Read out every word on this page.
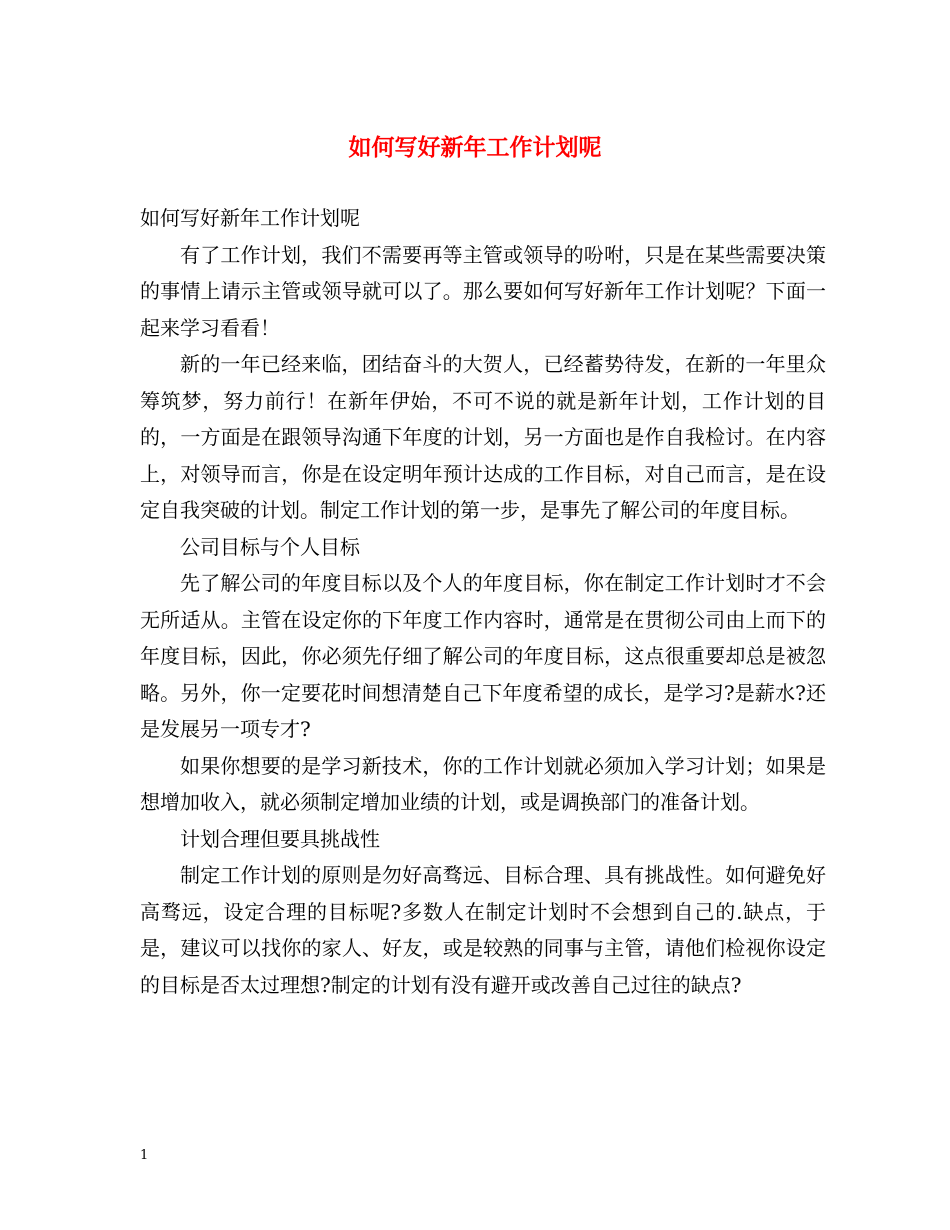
如何写好新年工作计划呢

如何写好新年工作计划呢

有了工作计划，我们不需要再等主管或领导的吩咐，只是在某些需要决策的事情上请示主管或领导就可以了。那么要如何写好新年工作计划呢？下面一起来学习看看！

新的一年已经来临，团结奋斗的大贺人，已经蓄势待发，在新的一年里众筹筑梦，努力前行！在新年伊始，不可不说的就是新年计划，工作计划的目的，一方面是在跟领导沟通下年度的计划，另一方面也是作自我检讨。在内容上，对领导而言，你是在设定明年预计达成的工作目标，对自己而言，是在设定自我突破的计划。制定工作计划的第一步，是事先了解公司的年度目标。

公司目标与个人目标

先了解公司的年度目标以及个人的年度目标，你在制定工作计划时才不会无所适从。主管在设定你的下年度工作内容时，通常是在贯彻公司由上而下的年度目标，因此，你必须先仔细了解公司的年度目标，这点很重要却总是被忽略。另外，你一定要花时间想清楚自己下年度希望的成长，是学习?是薪水?还是发展另一项专才?

如果你想要的是学习新技术，你的工作计划就必须加入学习计划；如果是想增加收入，就必须制定增加业绩的计划，或是调换部门的准备计划。

计划合理但要具挑战性

制定工作计划的原则是勿好高骛远、目标合理、具有挑战性。如何避免好高骛远，设定合理的目标呢?多数人在制定计划时不会想到自己的.缺点，于是，建议可以找你的家人、好友，或是较熟的同事与主管，请他们检视你设定的目标是否太过理想?制定的计划有没有避开或改善自己过往的缺点?

1
